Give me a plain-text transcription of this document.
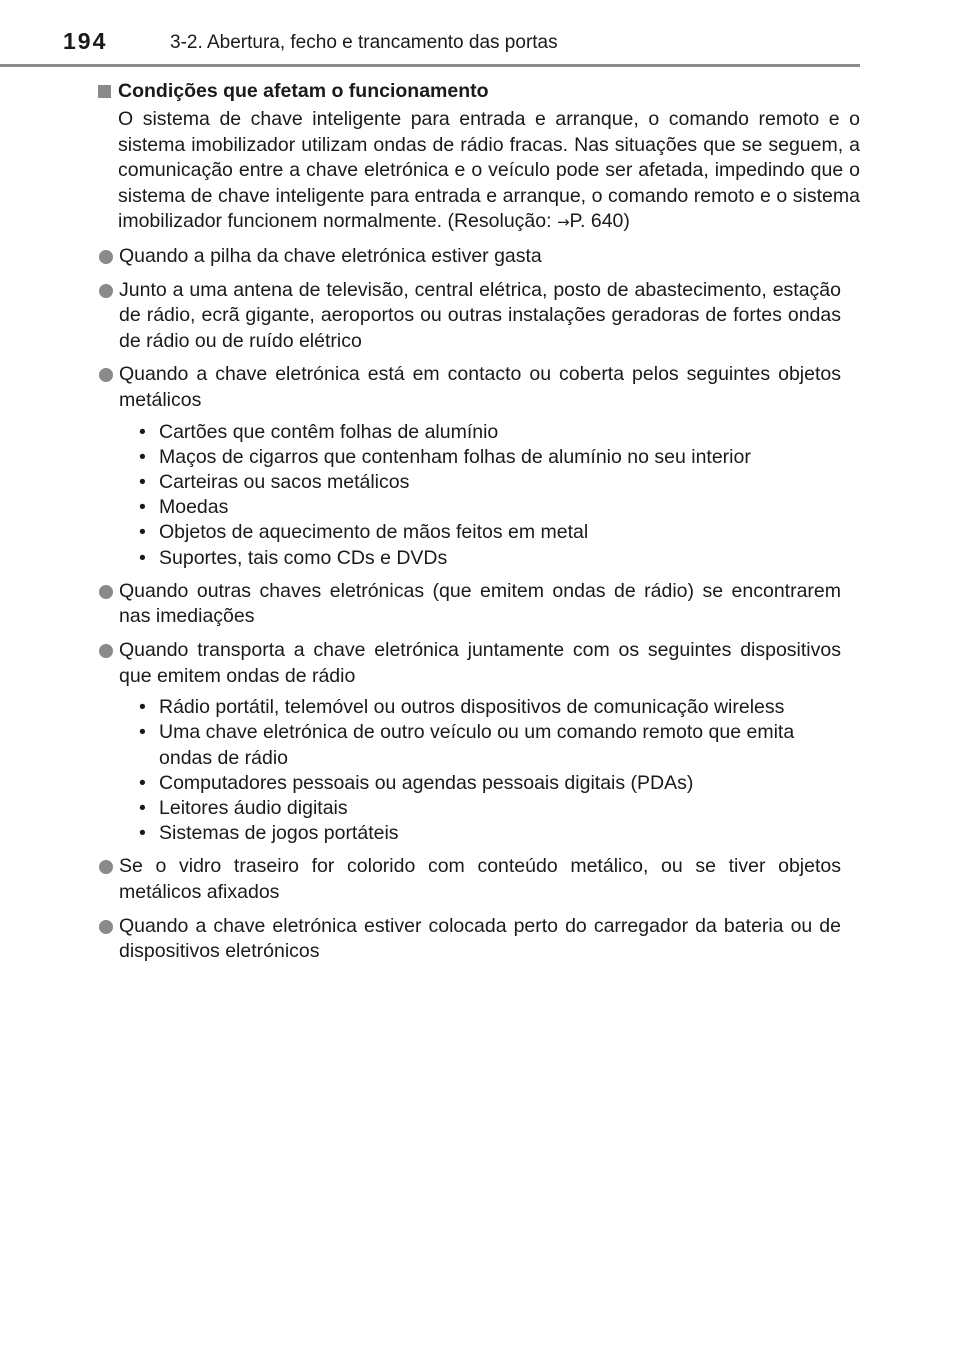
194	3-2. Abertura, fecho e trancamento das portas
Condições que afetam o funcionamento
O sistema de chave inteligente para entrada e arranque, o comando remoto e o sistema imobilizador utilizam ondas de rádio fracas. Nas situações que se seguem, a comunicação entre a chave eletrónica e o veículo pode ser afetada, impedindo que o sistema de chave inteligente para entrada e arranque, o comando remoto e o sistema imobilizador funcionem normalmente. (Resolução: →P. 640)
Quando a pilha da chave eletrónica estiver gasta
Junto a uma antena de televisão, central elétrica, posto de abastecimento, estação de rádio, ecrã gigante, aeroportos ou outras instalações geradoras de fortes ondas de rádio ou de ruído elétrico
Quando a chave eletrónica está em contacto ou coberta pelos seguintes objetos metálicos
• Cartões que contêm folhas de alumínio
• Maços de cigarros que contenham folhas de alumínio no seu interior
• Carteiras ou sacos metálicos
• Moedas
• Objetos de aquecimento de mãos feitos em metal
• Suportes, tais como CDs e DVDs
Quando outras chaves eletrónicas (que emitem ondas de rádio) se encontrarem nas imediações
Quando transporta a chave eletrónica juntamente com os seguintes dispositivos que emitem ondas de rádio
• Rádio portátil, telemóvel ou outros dispositivos de comunicação wireless
• Uma chave eletrónica de outro veículo ou um comando remoto que emita ondas de rádio
• Computadores pessoais ou agendas pessoais digitais (PDAs)
• Leitores áudio digitais
• Sistemas de jogos portáteis
Se o vidro traseiro for colorido com conteúdo metálico, ou se tiver objetos metálicos afixados
Quando a chave eletrónica estiver colocada perto do carregador da bateria ou de dispositivos eletrónicos
